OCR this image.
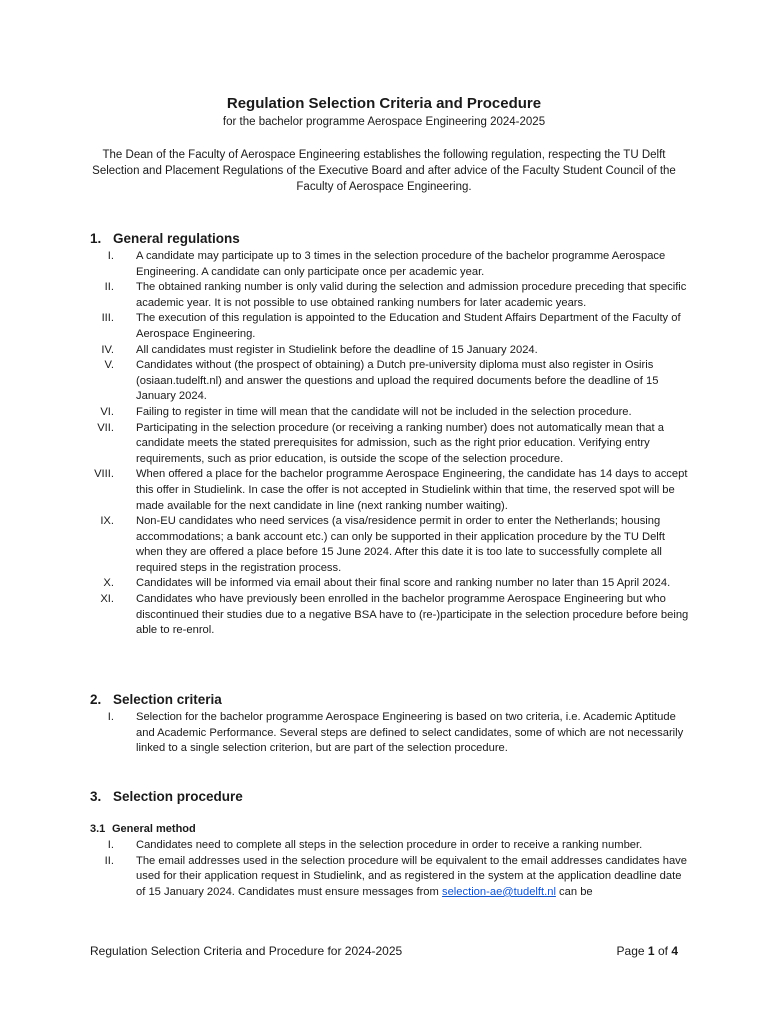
Regulation Selection Criteria and Procedure
for the bachelor programme Aerospace Engineering 2024-2025
The Dean of the Faculty of Aerospace Engineering establishes the following regulation, respecting the TU Delft Selection and Placement Regulations of the Executive Board and after advice of the Faculty Student Council of the Faculty of Aerospace Engineering.
1. General regulations
I. A candidate may participate up to 3 times in the selection procedure of the bachelor programme Aerospace Engineering. A candidate can only participate once per academic year.
II. The obtained ranking number is only valid during the selection and admission procedure preceding that specific academic year. It is not possible to use obtained ranking numbers for later academic years.
III. The execution of this regulation is appointed to the Education and Student Affairs Department of the Faculty of Aerospace Engineering.
IV. All candidates must register in Studielink before the deadline of 15 January 2024.
V. Candidates without (the prospect of obtaining) a Dutch pre-university diploma must also register in Osiris (osiaan.tudelft.nl) and answer the questions and upload the required documents before the deadline of 15 January 2024.
VI. Failing to register in time will mean that the candidate will not be included in the selection procedure.
VII. Participating in the selection procedure (or receiving a ranking number) does not automatically mean that a candidate meets the stated prerequisites for admission, such as the right prior education. Verifying entry requirements, such as prior education, is outside the scope of the selection procedure.
VIII. When offered a place for the bachelor programme Aerospace Engineering, the candidate has 14 days to accept this offer in Studielink. In case the offer is not accepted in Studielink within that time, the reserved spot will be made available for the next candidate in line (next ranking number waiting).
IX. Non-EU candidates who need services (a visa/residence permit in order to enter the Netherlands; housing accommodations; a bank account etc.) can only be supported in their application procedure by the TU Delft when they are offered a place before 15 June 2024. After this date it is too late to successfully complete all required steps in the registration process.
X. Candidates will be informed via email about their final score and ranking number no later than 15 April 2024.
XI. Candidates who have previously been enrolled in the bachelor programme Aerospace Engineering but who discontinued their studies due to a negative BSA have to (re-)participate in the selection procedure before being able to re-enrol.
2. Selection criteria
I. Selection for the bachelor programme Aerospace Engineering is based on two criteria, i.e. Academic Aptitude and Academic Performance. Several steps are defined to select candidates, some of which are not necessarily linked to a single selection criterion, but are part of the selection procedure.
3. Selection procedure
3.1 General method
I. Candidates need to complete all steps in the selection procedure in order to receive a ranking number.
II. The email addresses used in the selection procedure will be equivalent to the email addresses candidates have used for their application request in Studielink, and as registered in the system at the application deadline date of 15 January 2024. Candidates must ensure messages from selection-ae@tudelft.nl can be
Regulation Selection Criteria and Procedure for 2024-2025	Page 1 of 4
